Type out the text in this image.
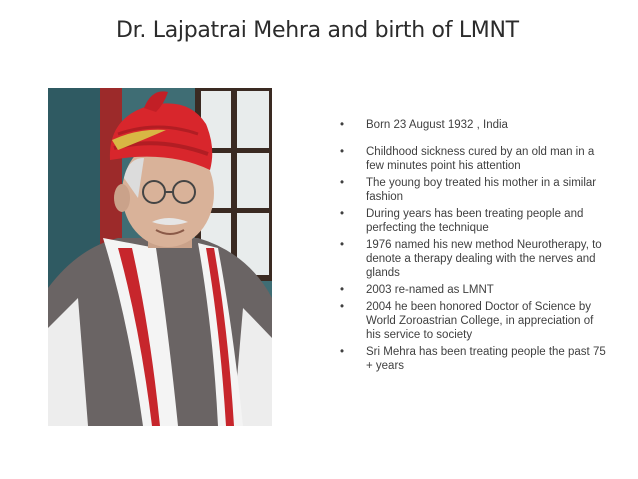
Dr. Lajpatrai Mehra and birth of LMNT
• Born 23 August 1932 , India
• Childhood sickness cured by an old man in a few minutes point his attention
• The young boy treated his mother in a similar fashion
• During years has been treating people and perfecting the technique
• 1976 named his new method Neurotherapy, to denote a therapy dealing with the nerves and glands
• 2003 re-named as LMNT
• 2004 he been honored Doctor of Science by World Zoroastrian College, in appreciation of his service to society
• Sri Mehra has been treating people the past 75 + years
